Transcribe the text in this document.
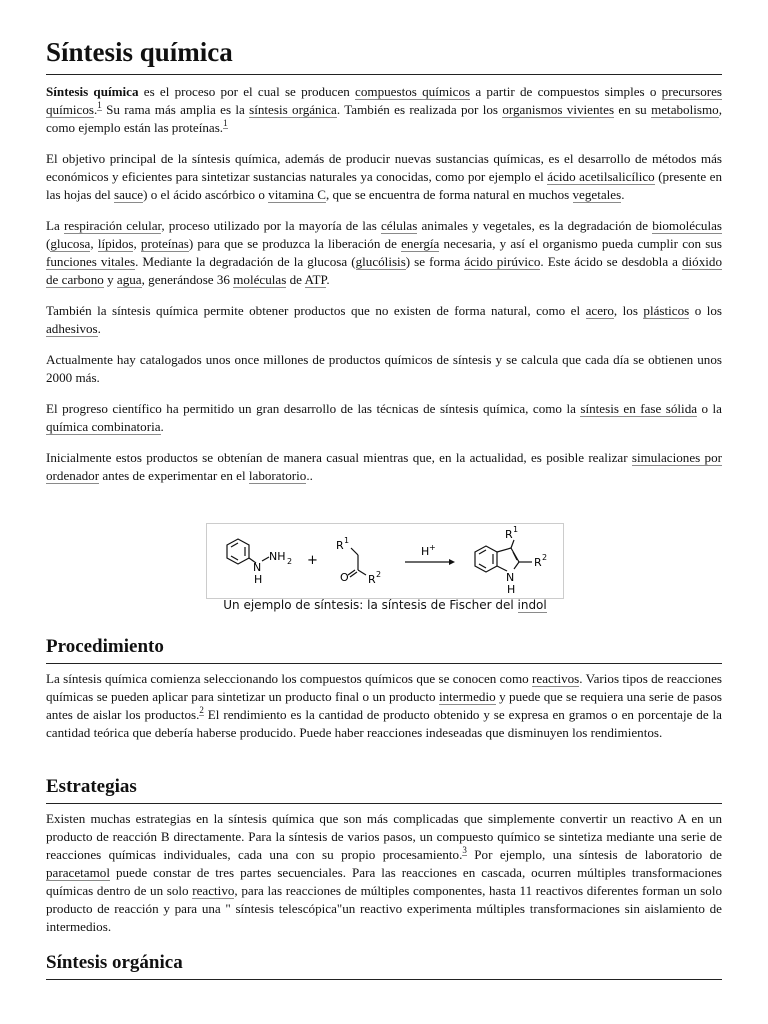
Síntesis química

Síntesis química es el proceso por el cual se producen compuestos químicos a partir de compuestos simples o precursores químicos.$^1$ Su rama más amplia es la síntesis orgánica. También es realizada por los organismos vivientes en su metabolismo, como ejemplo están las proteínas.$^1$

El objetivo principal de la síntesis química, además de producir nuevas sustancias químicas, es el desarrollo de métodos más económicos y eficientes para sintetizar sustancias naturales ya conocidas, como por ejemplo el ácido acetilsalicílico (presente en las hojas del sauce) o el ácido ascórbico o vitamina C, que se encuentra de forma natural en muchos vegetales.

La respiración celular, proceso utilizado por la mayoría de las células animales y vegetales, es la degradación de biomoléculas (glucosa, lípidos, proteínas) para que se produzca la liberación de energía necesaria, y así el organismo pueda cumplir con sus funciones vitales. Mediante la degradación de la glucosa (glucólisis) se forma ácido pirúvico. Este ácido se desdobla a dióxido de carbono y agua, generándose 36 moléculas de ATP.

También la síntesis química permite obtener productos que no existen de forma natural, como el acero, los plásticos o los adhesivos.

Actualmente hay catalogados unos once millones de productos químicos de síntesis y se calcula que cada día se obtienen unos 2000 más.

El progreso científico ha permitido un gran desarrollo de las técnicas de síntesis química, como la síntesis en fase sólida o la química combinatoria.

Inicialmente estos productos se obtenían de manera casual mientras que, en la actualidad, es posible realizar simulaciones por ordenador antes de experimentar en el laboratorio..

N
H
NH 2 +
R 1
O R 2
H +
R 1
R 2
N
H
Un ejemplo de síntesis: la síntesis de Fischer del indol
Procedimiento

La síntesis química comienza seleccionando los compuestos químicos que se conocen como reactivos. Varios tipos de reacciones químicas se pueden aplicar para sintetizar un producto final o un producto intermedio y puede que se requiera una serie de pasos antes de aislar los productos.$^2$ El rendimiento es la cantidad de producto obtenido y se expresa en gramos o en porcentaje de la cantidad teórica que debería haberse producido. Puede haber reacciones indeseadas que disminuyen los rendimientos.

Estrategias

Existen muchas estrategias en la síntesis química que son más complicadas que simplemente convertir un reactivo A en un producto de reacción B directamente. Para la síntesis de varios pasos, un compuesto químico se sintetiza mediante una serie de reacciones químicas individuales, cada una con su propio procesamiento.$^3$ Por ejemplo, una síntesis de laboratorio de paracetamol puede constar de tres partes secuenciales. Para las reacciones en cascada, ocurren múltiples transformaciones químicas dentro de un solo reactivo, para las reacciones de múltiples componentes, hasta 11 reactivos diferentes forman un solo producto de reacción y para una " síntesis telescópica"un reactivo experimenta múltiples transformaciones sin aislamiento de intermedios.

Síntesis orgánica
